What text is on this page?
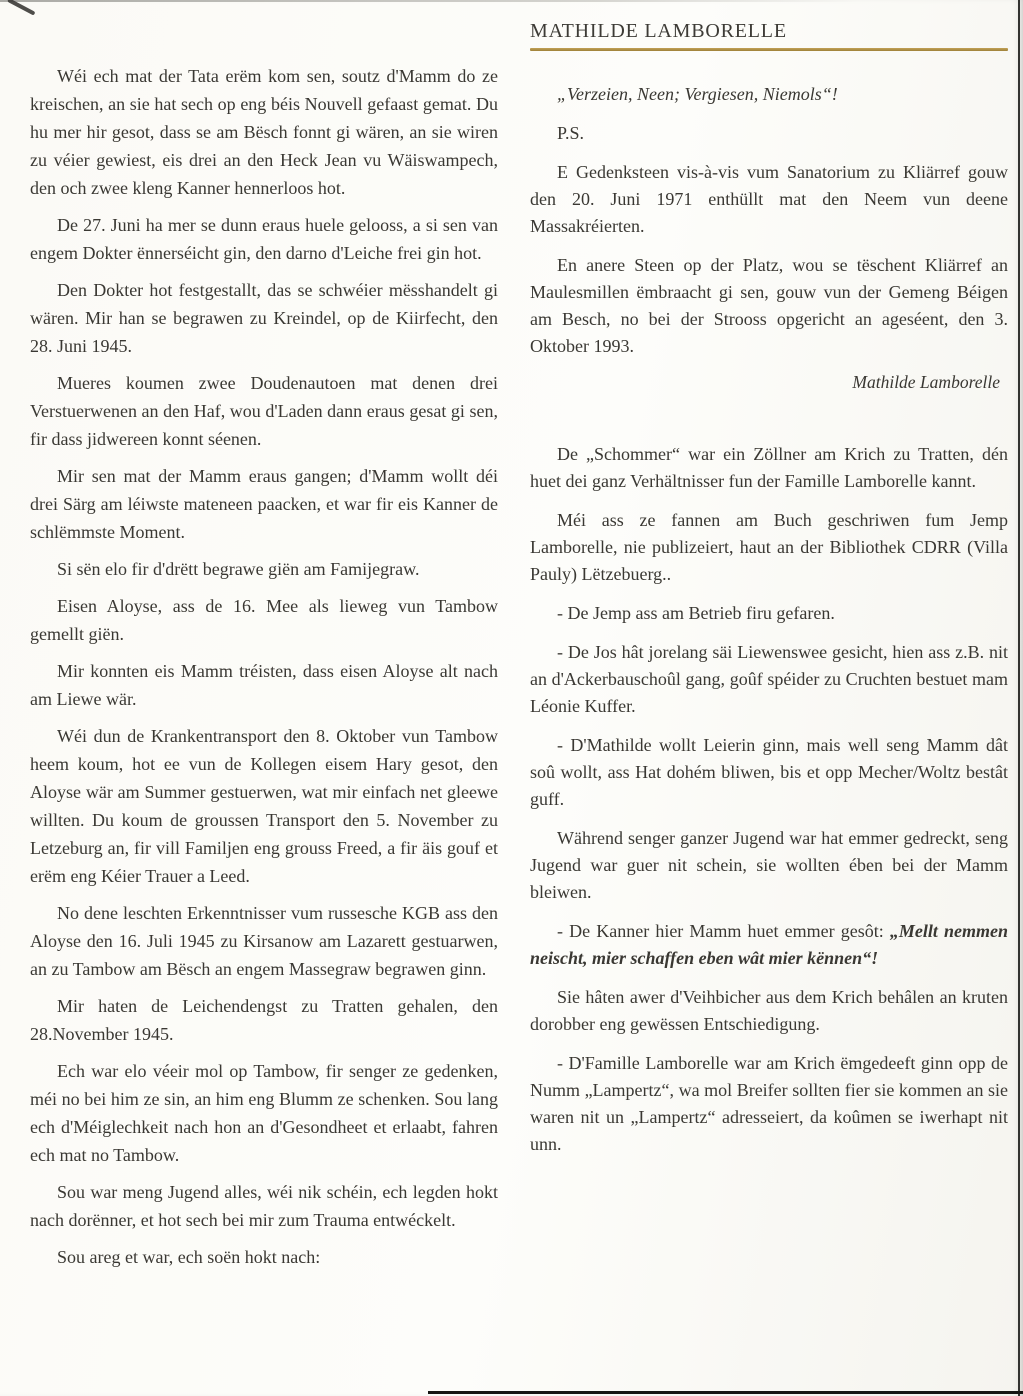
Wéi ech mat der Tata erëm kom sen, soutz d'Mamm do ze kreischen, an sie hat sech op eng béis Nouvell gefaast gemat. Du hu mer hir gesot, dass se am Bësch fonnt gi wären, an sie wiren zu véier gewiest, eis drei an den Heck Jean vu Wäiswampech, den och zwee kleng Kanner hennerloos hot.

De 27. Juni ha mer se dunn eraus huele gelooss, a si sen van engem Dokter ënnerséicht gin, den darno d'Leiche frei gin hot.

Den Dokter hot festgestallt, das se schwéier mësshandelt gi wären. Mir han se begrawen zu Kreindel, op de Kiirfecht, den 28. Juni 1945.

Mueres koumen zwee Doudenautoen mat denen drei Verstuerwenen an den Haf, wou d'Laden dann eraus gesat gi sen, fir dass jidwereen konnt séenen.

Mir sen mat der Mamm eraus gangen; d'Mamm wollt déi drei Särg am léiwste mateneen paacken, et war fir eis Kanner de schlëmmste Moment.

Si sën elo fir d'drëtt begrawe giën am Famijegraw.

Eisen Aloyse, ass de 16. Mee als lieweg vun Tambow gemellt giën.

Mir konnten eis Mamm tréisten, dass eisen Aloyse alt nach am Liewe wär.

Wéi dun de Krankentransport den 8. Oktober vun Tambow heem koum, hot ee vun de Kollegen eisem Hary gesot, den Aloyse wär am Summer gestuerwen, wat mir einfach net gleewe willten. Du koum de groussen Transport den 5. November zu Letzeburg an, fir vill Familjen eng grouss Freed, a fir äis gouf et erëm eng Kéier Trauer a Leed.

No dene leschten Erkenntnisser vum russesche KGB ass den Aloyse den 16. Juli 1945 zu Kirsanow am Lazarett gestuarwen, an zu Tambow am Bësch an engem Massegraw begrawen ginn.

Mir haten de Leichendengst zu Tratten gehalen, den 28.November 1945.

Ech war elo véeir mol op Tambow, fir senger ze gedenken, méi no bei him ze sin, an him eng Blumm ze schenken. Sou lang ech d'Méiglechkeit nach hon an d'Gesondheet et erlaabt, fahren ech mat no Tambow.

Sou war meng Jugend alles, wéi nik schéin, ech legden hokt nach dorënner, et hot sech bei mir zum Trauma entwéckelt.

Sou areg et war, ech soën hokt nach:

MATHILDE LAMBORELLE

„Verzeien, Neen; Vergiesen, Niemols“!

P.S.

E Gedenksteen vis-à-vis vum Sanatorium zu Kliärref gouw den 20. Juni 1971 enthüllt mat den Neem vun deene Massakréierten.

En anere Steen op der Platz, wou se tëschent Kliärref an Maulesmillen ëmbraacht gi sen, gouw vun der Gemeng Béigen am Besch, no bei der Strooss opgericht an ageséent, den 3. Oktober 1993.

Mathilde Lamborelle

De „Schommer“ war ein Zöllner am Krich zu Tratten, dén huet dei ganz Verhältnisser fun der Famille Lamborelle kannt.

Méi ass ze fannen am Buch geschriwen fum Jemp Lamborelle, nie publizeiert, haut an der Bibliothek CDRR (Villa Pauly) Lëtzebuerg..

- De Jemp ass am Betrieb firu gefaren.

- De Jos hât jorelang säi Liewenswee gesicht, hien ass z.B. nit an d'Ackerbauschoûl gang, goûf spéider zu Cruchten bestuet mam Léonie Kuffer.

- D'Mathilde wollt Leierin ginn, mais well seng Mamm dât soû wollt, ass Hat dohém bliwen, bis et opp Mecher/Woltz bestât guff.

Während senger ganzer Jugend war hat emmer gedreckt, seng Jugend war guer nit schein, sie wollten ében bei der Mamm bleiwen.

- De Kanner hier Mamm huet emmer gesôt: „Mellt nemmen neischt, mier schaffen eben wât mier kënnen“!

Sie hâten awer d'Veihbicher aus dem Krich behâlen an kruten dorobber eng gewëssen Entschiedigung.

- D'Famille Lamborelle war am Krich ëmgedeeft ginn opp de Numm „Lampertz“, wa mol Breifer sollten fier sie kommen an sie waren nit un „Lampertz“ adresseiert, da koûmen se iwerhapt nit unn.
